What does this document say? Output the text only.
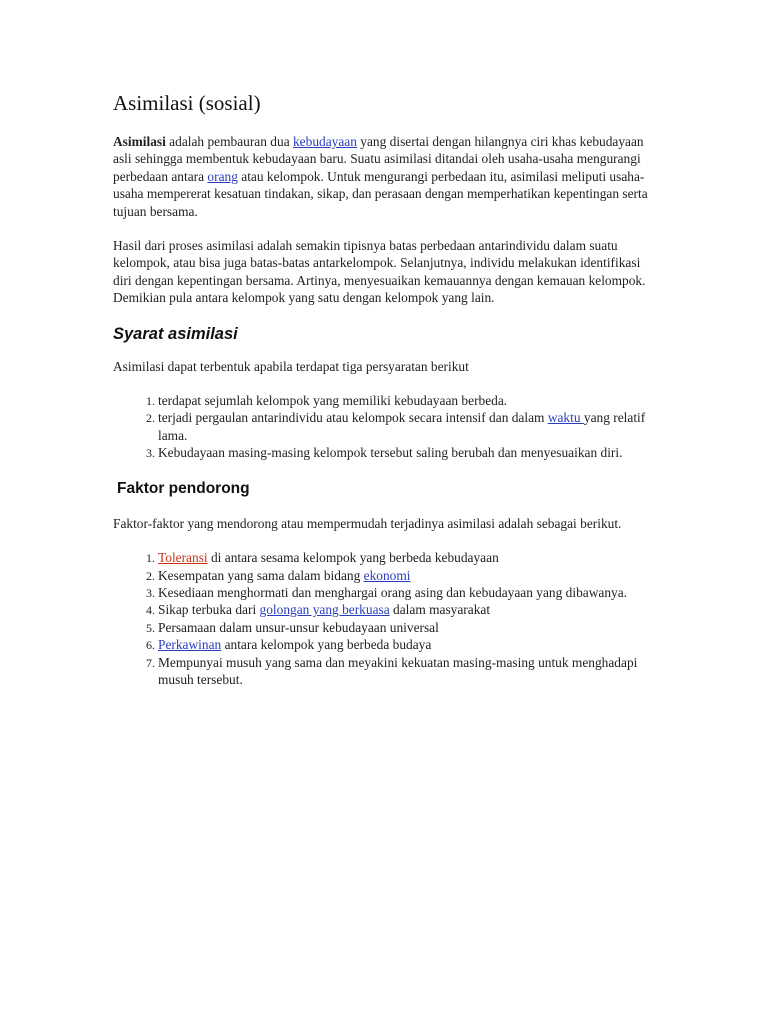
Asimilasi (sosial)

Asimilasi adalah pembauran dua kebudayaan yang disertai dengan hilangnya ciri khas kebudayaan asli sehingga membentuk kebudayaan baru. Suatu asimilasi ditandai oleh usaha-usaha mengurangi perbedaan antara orang atau kelompok. Untuk mengurangi perbedaan itu, asimilasi meliputi usaha-usaha mempererat kesatuan tindakan, sikap, dan perasaan dengan memperhatikan kepentingan serta tujuan bersama.

Hasil dari proses asimilasi adalah semakin tipisnya batas perbedaan antarindividu dalam suatu kelompok, atau bisa juga batas-batas antarkelompok. Selanjutnya, individu melakukan identifikasi diri dengan kepentingan bersama. Artinya, menyesuaikan kemauannya dengan kemauan kelompok. Demikian pula antara kelompok yang satu dengan kelompok yang lain.

Syarat asimilasi

Asimilasi dapat terbentuk apabila terdapat tiga persyaratan berikut

1. terdapat sejumlah kelompok yang memiliki kebudayaan berbeda.
2. terjadi pergaulan antarindividu atau kelompok secara intensif dan dalam waktu yang relatif lama.
3. Kebudayaan masing-masing kelompok tersebut saling berubah dan menyesuaikan diri.
Faktor pendorong

Faktor-faktor yang mendorong atau mempermudah terjadinya asimilasi adalah sebagai berikut.

1. Toleransi di antara sesama kelompok yang berbeda kebudayaan
2. Kesempatan yang sama dalam bidang ekonomi
3. Kesediaan menghormati dan menghargai orang asing dan kebudayaan yang dibawanya.
4. Sikap terbuka dari golongan yang berkuasa dalam masyarakat
5. Persamaan dalam unsur-unsur kebudayaan universal
6. Perkawinan antara kelompok yang berbeda budaya
7. Mempunyai musuh yang sama dan meyakini kekuatan masing-masing untuk menghadapi musuh tersebut.
